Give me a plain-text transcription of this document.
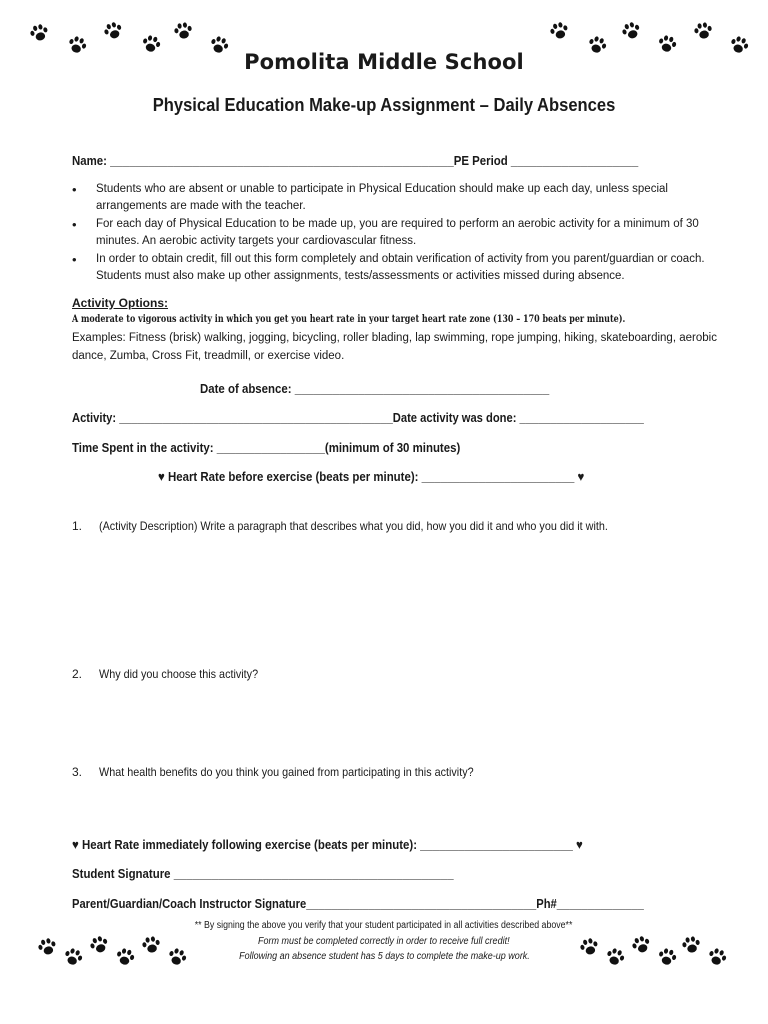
Pomolita Middle School
Physical Education Make-up Assignment – Daily Absences
Name: ______________________________________________________PE Period ____________________
• Students who are absent or unable to participate in Physical Education should make up each day, unless special arrangements are made with the teacher.
• For each day of Physical Education to be made up, you are required to perform an aerobic activity for a minimum of 30 minutes. An aerobic activity targets your cardiovascular fitness.
• In order to obtain credit, fill out this form completely and obtain verification of activity from you parent/guardian or coach. Students must also make up other assignments, tests/assessments or activities missed during absence.
Activity Options:
A moderate to vigorous activity in which you get you heart rate in your target heart rate zone (130 – 170 beats per minute).
Examples: Fitness (brisk) walking, jogging, bicycling, roller blading, lap swimming, rope jumping, hiking, skateboarding, aerobic dance, Zumba, Cross Fit, treadmill, or exercise video.
Date of absence: ________________________________________
Activity: ____________________________________________Date activity was done: ____________________
Time Spent in the activity: _________________(minimum of 30 minutes)
♥ Heart Rate before exercise (beats per minute): ________________________ ♥
1. (Activity Description) Write a paragraph that describes what you did, how you did it and who you did it with.
2. Why did you choose this activity?
3. What health benefits do you think you gained from participating in this activity?
♥ Heart Rate immediately following exercise (beats per minute): ________________________ ♥
Student Signature ____________________________________________
Parent/Guardian/Coach Instructor Signature_____________________________________Ph#______________
** By signing the above you verify that your student participated in all activities described above**
Form must be completed correctly in order to receive full credit!
Following an absence student has 5 days to complete the make-up work.
